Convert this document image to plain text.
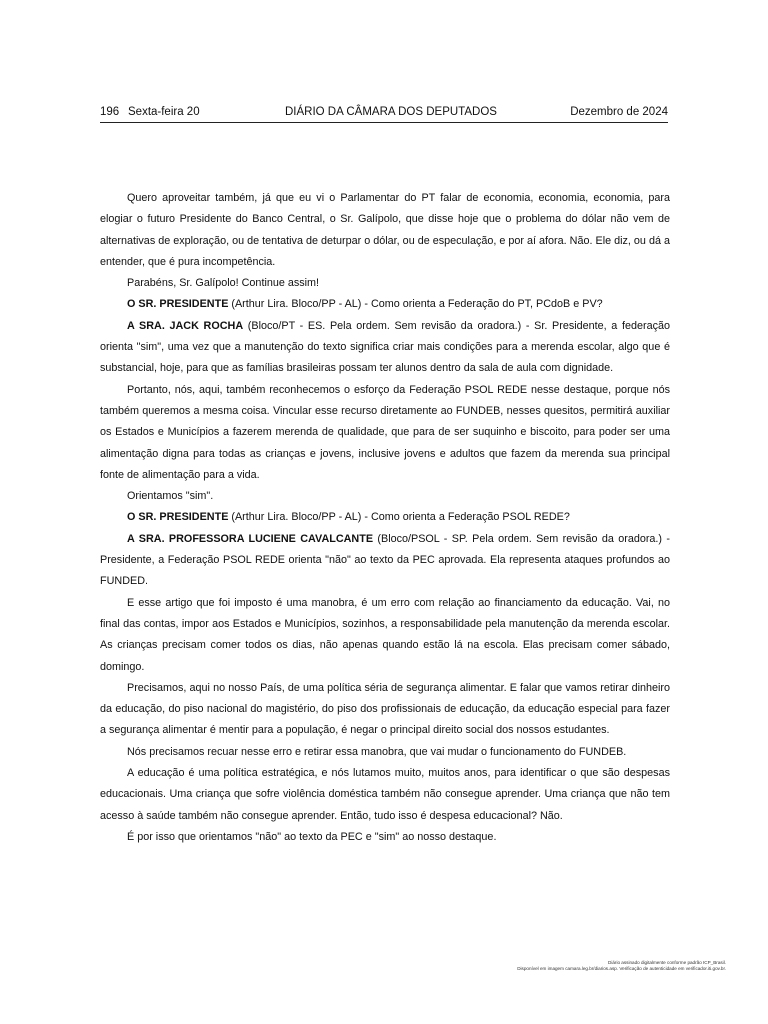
196 Sexta-feira 20	DIÁRIO DA CÂMARA DOS DEPUTADOS	Dezembro de 2024

Quero aproveitar também, já que eu vi o Parlamentar do PT falar de economia, economia, economia, para elogiar o futuro Presidente do Banco Central, o Sr. Galípolo, que disse hoje que o problema do dólar não vem de alternativas de exploração, ou de tentativa de deturpar o dólar, ou de especulação, e por aí afora. Não. Ele diz, ou dá a entender, que é pura incompetência.

Parabéns, Sr. Galípolo! Continue assim!

O SR. PRESIDENTE (Arthur Lira. Bloco/PP - AL) - Como orienta a Federação do PT, PCdoB e PV?

A SRA. JACK ROCHA (Bloco/PT - ES. Pela ordem. Sem revisão da oradora.) - Sr. Presidente, a federação orienta "sim", uma vez que a manutenção do texto significa criar mais condições para a merenda escolar, algo que é substancial, hoje, para que as famílias brasileiras possam ter alunos dentro da sala de aula com dignidade.

Portanto, nós, aqui, também reconhecemos o esforço da Federação PSOL REDE nesse destaque, porque nós também queremos a mesma coisa. Vincular esse recurso diretamente ao FUNDEB, nesses quesitos, permitirá auxiliar os Estados e Municípios a fazerem merenda de qualidade, que para de ser suquinho e biscoito, para poder ser uma alimentação digna para todas as crianças e jovens, inclusive jovens e adultos que fazem da merenda sua principal fonte de alimentação para a vida.

Orientamos "sim".

O SR. PRESIDENTE (Arthur Lira. Bloco/PP - AL) - Como orienta a Federação PSOL REDE?

A SRA. PROFESSORA LUCIENE CAVALCANTE (Bloco/PSOL - SP. Pela ordem. Sem revisão da oradora.) - Presidente, a Federação PSOL REDE orienta "não" ao texto da PEC aprovada. Ela representa ataques profundos ao FUNDED.

E esse artigo que foi imposto é uma manobra, é um erro com relação ao financiamento da educação. Vai, no final das contas, impor aos Estados e Municípios, sozinhos, a responsabilidade pela manutenção da merenda escolar. As crianças precisam comer todos os dias, não apenas quando estão lá na escola. Elas precisam comer sábado, domingo.

Precisamos, aqui no nosso País, de uma política séria de segurança alimentar. E falar que vamos retirar dinheiro da educação, do piso nacional do magistério, do piso dos profissionais de educação, da educação especial para fazer a segurança alimentar é mentir para a população, é negar o principal direito social dos nossos estudantes.

Nós precisamos recuar nesse erro e retirar essa manobra, que vai mudar o funcionamento do FUNDEB.

A educação é uma política estratégica, e nós lutamos muito, muitos anos, para identificar o que são despesas educacionais. Uma criança que sofre violência doméstica também não consegue aprender. Uma criança que não tem acesso à saúde também não consegue aprender. Então, tudo isso é despesa educacional? Não.

É por isso que orientamos "não" ao texto da PEC e "sim" ao nosso destaque.

Diário assinado digitalmente conforme padrão ICP_Brasil.
Disponível em imagem camara.leg.br/diarios.asp. Verificação de autenticidade em verificador.iti.gov.br.
